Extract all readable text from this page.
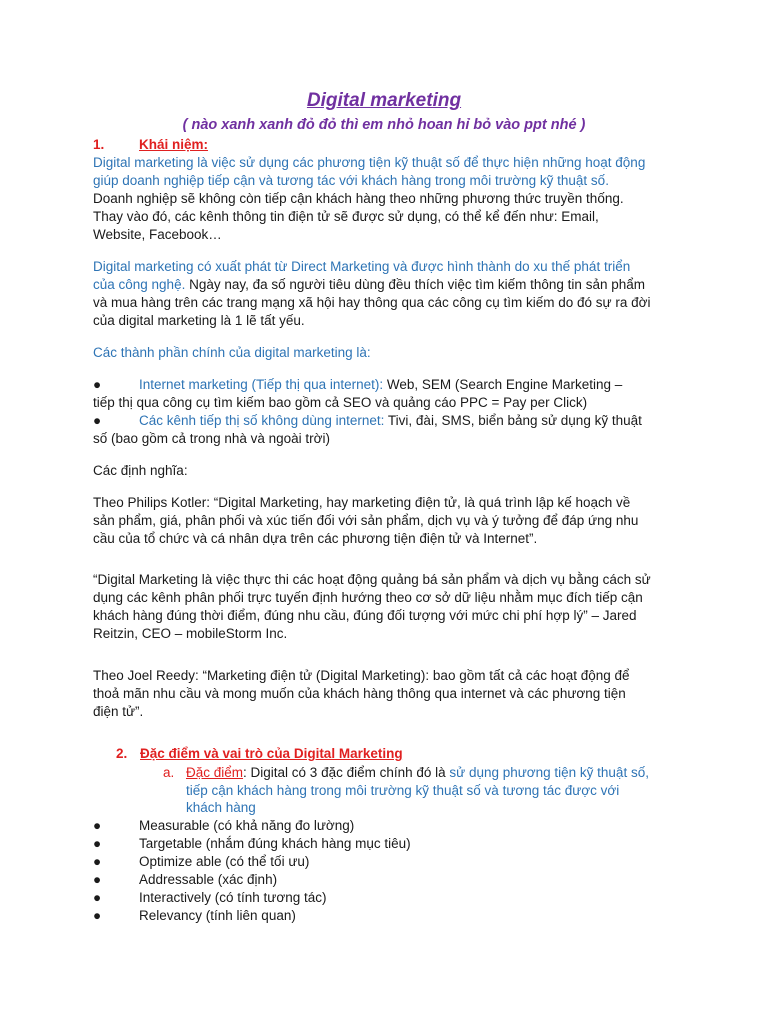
Digital marketing
( nào xanh xanh đỏ đỏ thì em nhỏ hoan hỉ bỏ vào ppt nhé )
1.	Khái niệm:
Digital marketing là việc sử dụng các phương tiện kỹ thuật số để thực hiện những hoạt động
giúp doanh nghiệp tiếp cận và tương tác với khách hàng trong môi trường kỹ thuật số.
Doanh nghiệp sẽ không còn tiếp cận khách hàng theo những phương thức truyền thống.
Thay vào đó, các kênh thông tin điện tử sẽ được sử dụng, có thể kể đến như: Email,
Website, Facebook…
Digital marketing có xuất phát từ Direct Marketing và được hình thành do xu thế phát triển
của công nghệ. Ngày nay, đa số người tiêu dùng đều thích việc tìm kiếm thông tin sản phẩm
và mua hàng trên các trang mạng xã hội hay thông qua các công cụ tìm kiếm do đó sự ra đời
của digital marketing là 1 lẽ tất yếu.
Các thành phần chính của digital marketing là:
●	Internet marketing (Tiếp thị qua internet): Web, SEM (Search Engine Marketing –
tiếp thị qua công cụ tìm kiếm bao gồm cả SEO và quảng cáo PPC = Pay per Click)
●	Các kênh tiếp thị số không dùng internet: Tivi, đài, SMS, biển bảng sử dụng kỹ thuật
số (bao gồm cả trong nhà và ngoài trời)
Các định nghĩa:
Theo Philips Kotler: “Digital Marketing, hay marketing điện tử, là quá trình lập kế hoạch về
sản phẩm, giá, phân phối và xúc tiến đối với sản phẩm, dịch vụ và ý tưởng để đáp ứng nhu
cầu của tổ chức và cá nhân dựa trên các phương tiện điện tử và Internet”.
“Digital Marketing là việc thực thi các hoạt động quảng bá sản phẩm và dịch vụ bằng cách sử
dụng các kênh phân phối trực tuyến định hướng theo cơ sở dữ liệu nhằm mục đích tiếp cận
khách hàng đúng thời điểm, đúng nhu cầu, đúng đối tượng với mức chi phí hợp lý” – Jared
Reitzin, CEO – mobileStorm Inc.
Theo Joel Reedy: “Marketing điện tử (Digital Marketing): bao gồm tất cả các hoạt động để
thoả mãn nhu cầu và mong muốn của khách hàng thông qua internet và các phương tiện
điện tử”.
2. Đặc điểm và vai trò của Digital Marketing
a. Đặc điểm: Digital có 3 đặc điểm chính đó là sử dụng phương tiện kỹ thuật số,
tiếp cận khách hàng trong môi trường kỹ thuật số và tương tác được với
khách hàng
●	Measurable (có khả năng đo lường)
●	Targetable (nhắm đúng khách hàng mục tiêu)
●	Optimize able (có thể tối ưu)
●	Addressable (xác định)
●	Interactively (có tính tương tác)
●	Relevancy (tính liên quan)
